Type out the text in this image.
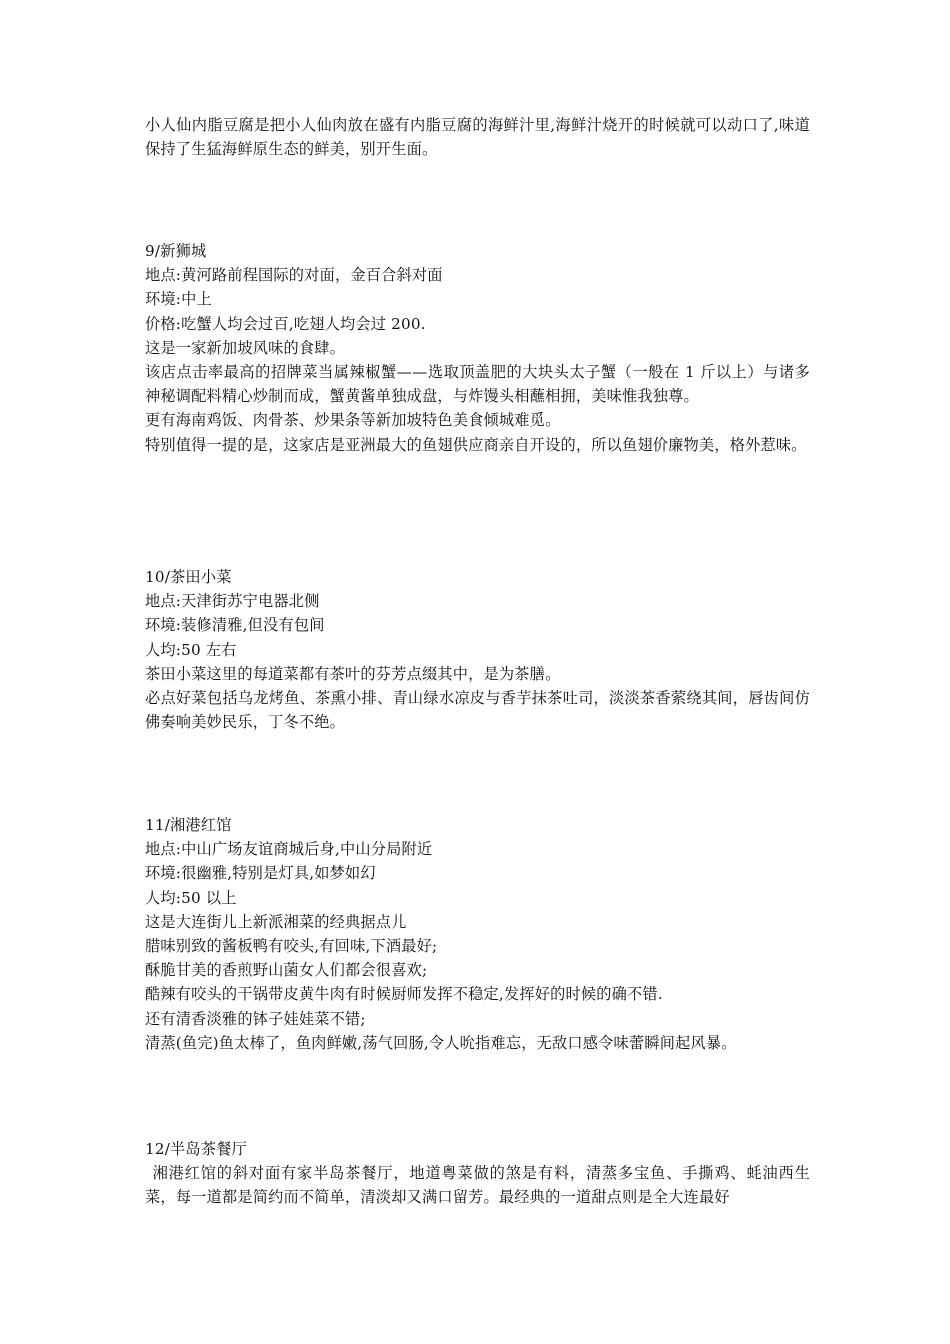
小人仙内脂豆腐是把小人仙肉放在盛有内脂豆腐的海鲜汁里,海鲜汁烧开的时候就可以动口了,味道保持了生猛海鲜原生态的鲜美，别开生面。

9/新狮城

地点:黄河路前程国际的对面，金百合斜对面

环境:中上

价格:吃蟹人均会过百,吃翅人均会过 200.

这是一家新加坡风味的食肆。

该店点击率最高的招牌菜当属辣椒蟹——选取顶盖肥的大块头太子蟹（一般在 1 斤以上）与诸多神秘调配料精心炒制而成，蟹黄酱单独成盘，与炸馒头相蘸相拥，美味惟我独尊。

更有海南鸡饭、肉骨茶、炒果条等新加坡特色美食倾城难觅。

特别值得一提的是，这家店是亚洲最大的鱼翅供应商亲自开设的，所以鱼翅价廉物美，格外惹味。

10/茶田小菜

地点:天津街苏宁电器北侧

环境:装修清雅,但没有包间

人均:50 左右

茶田小菜这里的每道菜都有茶叶的芬芳点缀其中，是为茶膳。

必点好菜包括乌龙烤鱼、茶熏小排、青山绿水凉皮与香芋抹茶吐司，淡淡茶香萦绕其间，唇齿间仿佛奏响美妙民乐，丁冬不绝。

11/湘港红馆

地点:中山广场友谊商城后身,中山分局附近

环境:很幽雅,特别是灯具,如梦如幻

人均:50 以上

这是大连街儿上新派湘菜的经典据点儿

腊味别致的酱板鸭有咬头,有回味,下酒最好;

酥脆甘美的香煎野山菌女人们都会很喜欢;

酷辣有咬头的干锅带皮黄牛肉有时候厨师发挥不稳定,发挥好的时候的确不错.

还有清香淡雅的钵子娃娃菜不错;

清蒸(鱼完)鱼太棒了，鱼肉鲜嫩,荡气回肠,令人吮指难忘，无敌口感令味蕾瞬间起风暴。

12/半岛茶餐厅

湘港红馆的斜对面有家半岛茶餐厅，地道粤菜做的煞是有料，清蒸多宝鱼、手撕鸡、蚝油西生菜，每一道都是简约而不简单，清淡却又满口留芳。最经典的一道甜点则是全大连最好
